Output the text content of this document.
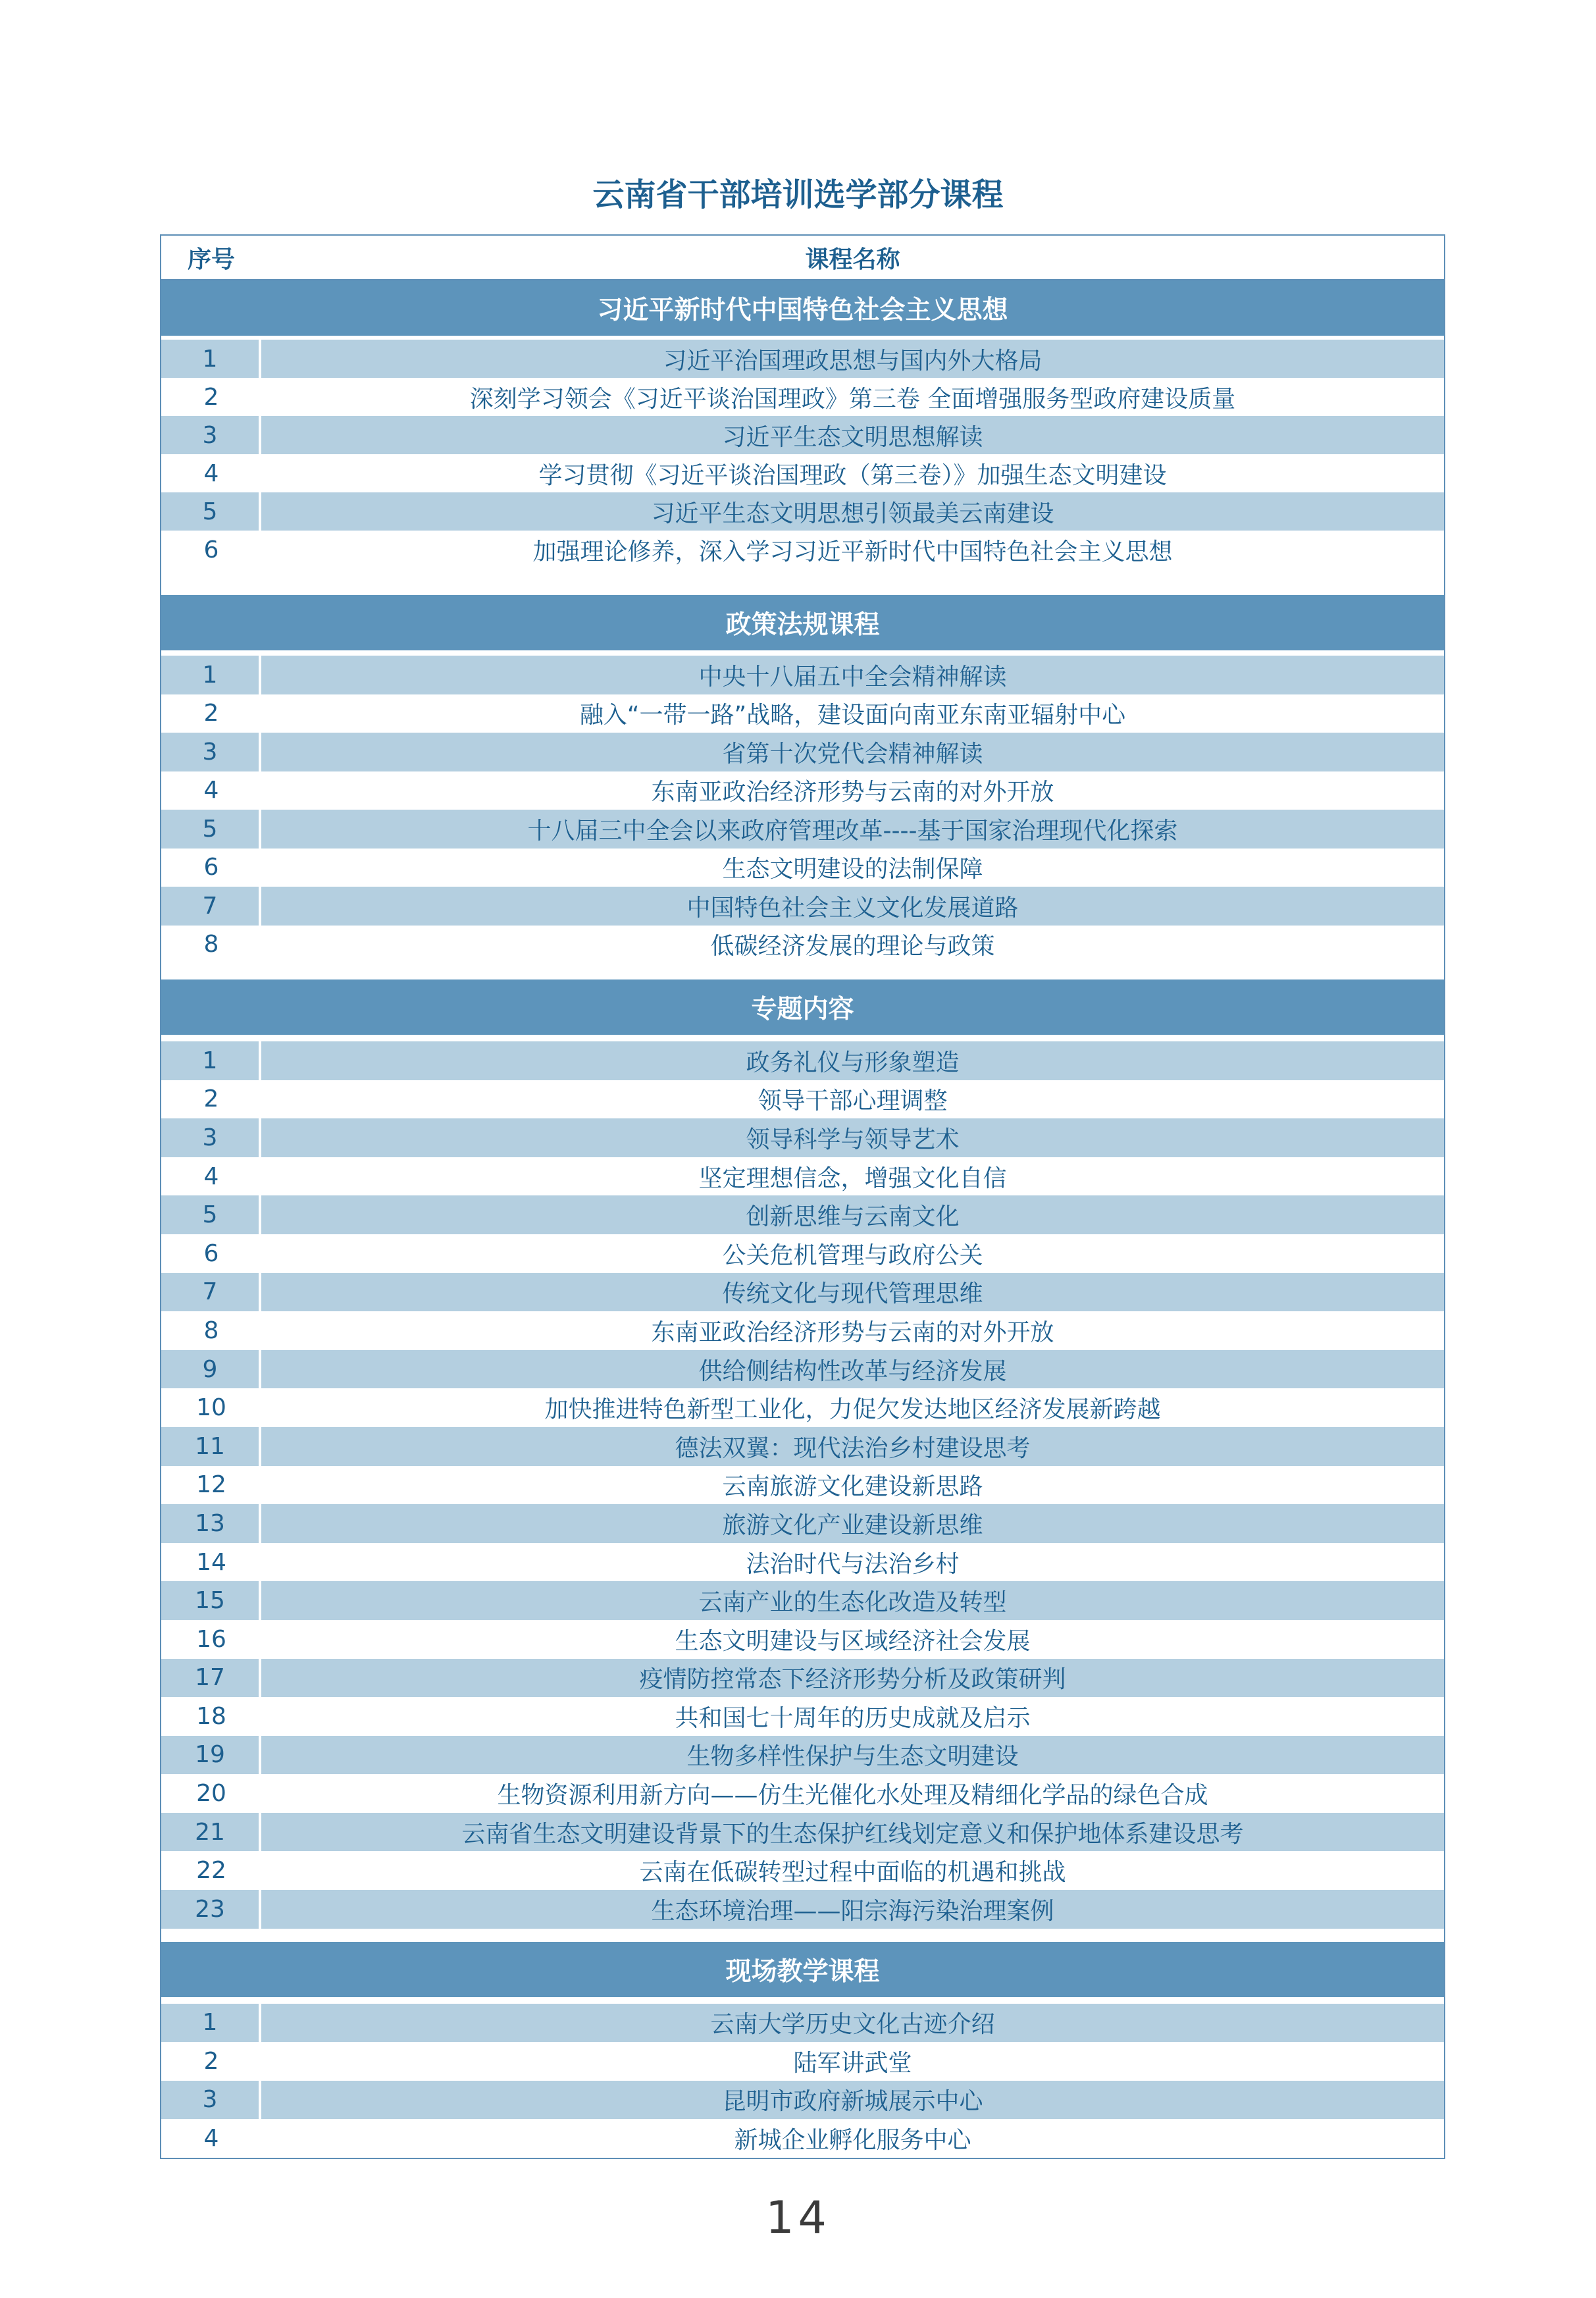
云南省干部培训选学部分课程
序号	课程名称
习近平新时代中国特色社会主义思想
1	习近平治国理政思想与国内外大格局
2	深刻学习领会《习近平谈治国理政》第三卷 全面增强服务型政府建设质量
3	习近平生态文明思想解读
4	学习贯彻《习近平谈治国理政（第三卷）》加强生态文明建设
5	习近平生态文明思想引领最美云南建设
6	加强理论修养，深入学习习近平新时代中国特色社会主义思想
政策法规课程
1	中央十八届五中全会精神解读
2	融入“一带一路”战略，建设面向南亚东南亚辐射中心
3	省第十次党代会精神解读
4	东南亚政治经济形势与云南的对外开放
5	十八届三中全会以来政府管理改革----基于国家治理现代化探索
6	生态文明建设的法制保障
7	中国特色社会主义文化发展道路
8	低碳经济发展的理论与政策
专题内容
1	政务礼仪与形象塑造
2	领导干部心理调整
3	领导科学与领导艺术
4	坚定理想信念，增强文化自信
5	创新思维与云南文化
6	公关危机管理与政府公关
7	传统文化与现代管理思维
8	东南亚政治经济形势与云南的对外开放
9	供给侧结构性改革与经济发展
10	加快推进特色新型工业化，力促欠发达地区经济发展新跨越
11	德法双翼：现代法治乡村建设思考
12	云南旅游文化建设新思路
13	旅游文化产业建设新思维
14	法治时代与法治乡村
15	云南产业的生态化改造及转型
16	生态文明建设与区域经济社会发展
17	疫情防控常态下经济形势分析及政策研判
18	共和国七十周年的历史成就及启示
19	生物多样性保护与生态文明建设
20	生物资源利用新方向——仿生光催化水处理及精细化学品的绿色合成
21	云南省生态文明建设背景下的生态保护红线划定意义和保护地体系建设思考
22	云南在低碳转型过程中面临的机遇和挑战
23	生态环境治理——阳宗海污染治理案例
现场教学课程
1	云南大学历史文化古迹介绍
2	陆军讲武堂
3	昆明市政府新城展示中心
4	新城企业孵化服务中心
14
